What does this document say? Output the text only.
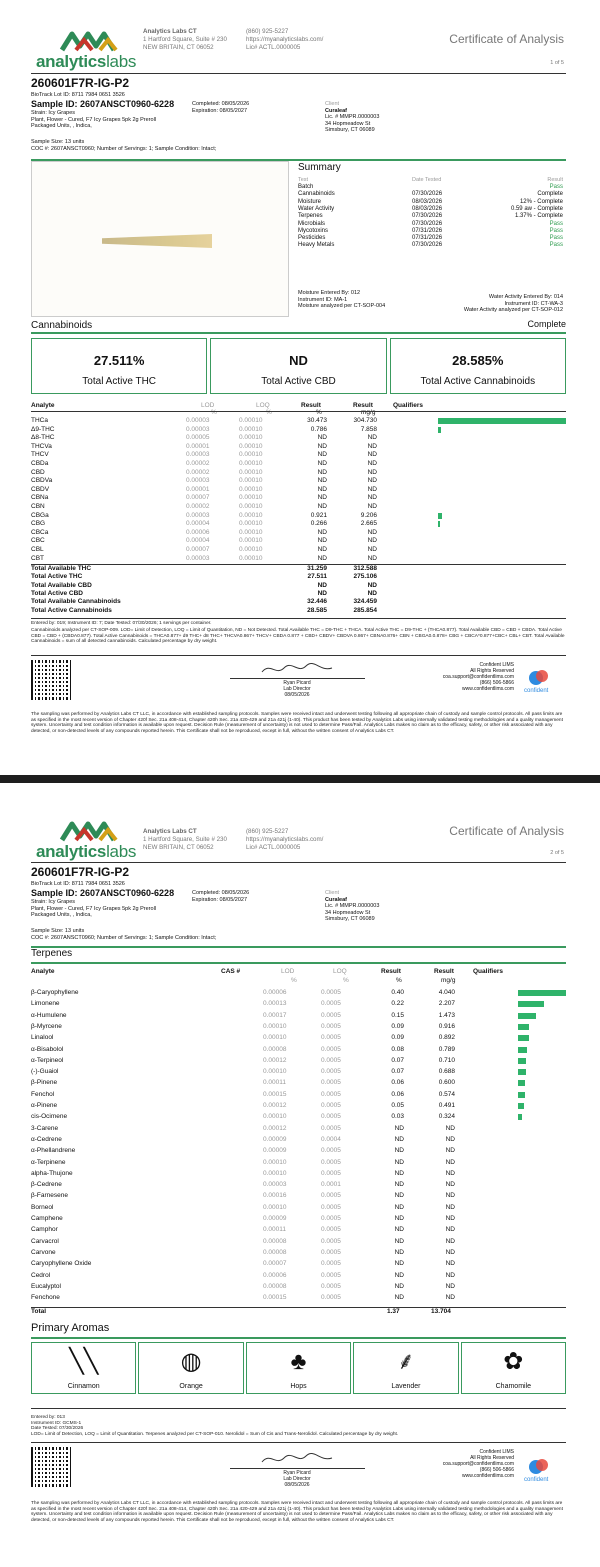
analyticslabs
Analytics Labs CT
1 Hartford Square, Suite # 230
NEW BRITAIN, CT 06052
(860) 925-5227
https://myanalyticslabs.com/
Lic# ACTL.0000005
Certificate of Analysis
1 of 5
260601F7R-IG-P2
BioTrack Lot ID: 8711 7984 0651 3526
Sample ID: 2607ANSCT0960-6228	Completed: 08/05/2026
Expiration: 08/05/2027
Strain: Icy Grapes
Plant, Flower - Cured, F7 Icy Grapes 5pk 2g Preroll
Packaged Units, , Indica,
Sample Size: 13 units
COC #: 2607ANSCT0960; Number of Servings: 1; Sample Condition: Intact;
Client
Curaleaf
Lic. # MMPR.0000003
34 Hopmeadow St
Simsbury, CT 06089
Summary
Test	Date Tested	Result
Batch	Pass
Cannabinoids	07/30/2026	Complete
Moisture	08/03/2026	12% - Complete
Water Activity	08/03/2026	0.59 aw - Complete
Terpenes	07/30/2026	1.37% - Complete
Microbials	07/30/2026	Pass
Mycotoxins	07/31/2026	Pass
Pesticides	07/31/2026	Pass
Heavy Metals	07/30/2026	Pass
Moisture Entered By: 012
Instrument ID: MA-1
Moisture analyzed per CT-SOP-004
Water Activity Entered By: 014
Instrument ID: CT-WA-3
Water Activity analyzed per CT-SOP-012
Cannabinoids	Complete
27.511%
Total Active THC
ND
Total Active CBD
28.585%
Total Active Cannabinoids
Analyte	LOD	LOQ	Result	Result	Qualifiers
%	%	%	mg/g
THCa	0.00003	0.00010	30.473	304.730
Δ9-THC	0.00003	0.00010	0.786	7.858
Δ8-THC	0.00005	0.00010	ND	ND
THCVa	0.00001	0.00010	ND	ND
THCV	0.00003	0.00010	ND	ND
CBDa	0.00002	0.00010	ND	ND
CBD	0.00002	0.00010	ND	ND
CBDVa	0.00003	0.00010	ND	ND
CBDV	0.00001	0.00010	ND	ND
CBNa	0.00007	0.00010	ND	ND
CBN	0.00002	0.00010	ND	ND
CBGa	0.00003	0.00010	0.921	9.206
CBG	0.00004	0.00010	0.266	2.665
CBCa	0.00006	0.00010	ND	ND
CBC	0.00004	0.00010	ND	ND
CBL	0.00007	0.00010	ND	ND
CBT	0.00003	0.00010	ND	ND
Total Available THC	31.259	312.588
Total Active THC	27.511	275.106
Total Available CBD	ND	ND
Total Active CBD	ND	ND
Total Available Cannabinoids	32.446	324.459
Total Active Cannabinoids	28.585	285.854
Entered by: 019; Instrument ID: 7; Date Tested: 07/30/2026; 1 servings per container.
Cannabinoids analyzed per CT-SOP-009. LOD= Limit of Detection, LOQ = Limit of Quantitation, ND = Not Detected. Total Available THC = D9-THC + THCA. Total Active THC = D9-THC + (THCA0.877). Total Available CBD = CBD + CBDA. Total Active CBD = CBD + (CBDA0.877). Total Active Cannabinoids = THCA0.877+ d9 THC+ d8 THC+ THCVA0.867+ THCV+ CBDA 0.877 + CBD+ CBDV+ CBDVA 0.867+ CBNA0.876+ CBN + CBGA0.0.878+ CBG + CBCA*0.877+CBC+ CBL+ CBT. Total Available Cannabinoids = sum of all detected cannabinoids. Calculated percentage by dry weight.
Ryan Picard
Lab Director
08/05/2026
Confident LIMS
All Rights Reserved
coa.support@confidentlims.com
(866) 506-5866
www.confidentlims.com confident
The sampling was performed by Analytics Labs CT LLC, in accordance with established sampling protocols. Samples were received intact and underwent testing following all appropriate chain of custody and sample control protocols. All pass limits are as specified in the most recent version of Chapter 420f Sec. 21a 408-414, Chapter 420h Sec. 21a 420-429 and 21a 421j (1-40). This product has been tested by Analytics Labs using internally validated testing methodologies and a quality management system. Uncertainty and test condition information is available upon request. Decision Rule (measurement of uncertainty) is not used to determine Pass/Fail. Analytics Labs makes no claim as to the efficacy, safety, or other risk associated with any detected, or non-detected levels of any compounds reported herein. This Certificate shall not be reproduced, except in full, without the written consent of Analytics Labs CT.
analyticslabs
Analytics Labs CT
1 Hartford Square, Suite # 230
NEW BRITAIN, CT 06052
(860) 925-5227
https://myanalyticslabs.com/
Lic# ACTL.0000005
Certificate of Analysis
2 of 5
260601F7R-IG-P2
BioTrack Lot ID: 8711 7984 0651 3526
Sample ID: 2607ANSCT0960-6228	Completed: 08/05/2026
Expiration: 08/05/2027
Strain: Icy Grapes
Plant, Flower - Cured, F7 Icy Grapes 5pk 2g Preroll
Packaged Units, , Indica,
Sample Size: 13 units
COC #: 2607ANSCT0960; Number of Servings: 1; Sample Condition: Intact;
Client
Curaleaf
Lic. # MMPR.0000003
34 Hopmeadow St
Simsbury, CT 06089
Terpenes
Analyte	CAS #	LOD	LOQ	Result	Result	Qualifiers
%	%	%	mg/g
β-Caryophyllene	0.00006	0.0005	0.40	4.040
Limonene	0.00013	0.0005	0.22	2.207
α-Humulene	0.00017	0.0005	0.15	1.473
β-Myrcene	0.00010	0.0005	0.09	0.916
Linalool	0.00010	0.0005	0.09	0.892
α-Bisabolol	0.00008	0.0005	0.08	0.789
α-Terpineol	0.00012	0.0005	0.07	0.710
(-)-Guaiol	0.00010	0.0005	0.07	0.688
β-Pinene	0.00011	0.0005	0.06	0.600
Fenchol	0.00015	0.0005	0.06	0.574
α-Pinene	0.00012	0.0005	0.05	0.491
cis-Ocimene	0.00010	0.0005	0.03	0.324
3-Carene	0.00012	0.0005	ND	ND
α-Cedrene	0.00009	0.0004	ND	ND
α-Phellandrene	0.00009	0.0005	ND	ND
α-Terpinene	0.00010	0.0005	ND	ND
alpha-Thujone	0.00010	0.0005	ND	ND
β-Cedrene	0.00003	0.0001	ND	ND
β-Farnesene	0.00016	0.0005	ND	ND
Borneol	0.00010	0.0005	ND	ND
Camphene	0.00009	0.0005	ND	ND
Camphor	0.00011	0.0005	ND	ND
Carvacrol	0.00008	0.0005	ND	ND
Carvone	0.00008	0.0005	ND	ND
Caryophyllene Oxide	0.00007	0.0005	ND	ND
Cedrol	0.00006	0.0005	ND	ND
Eucalyptol	0.00008	0.0005	ND	ND
Fenchone	0.00015	0.0005	ND	ND
Total	1.37	13.704
Primary Aromas
╲╲
Cinnamon
◍
Orange
♣
Hops
⸙
Lavender
✿
Chamomile
Entered by: 013
Instrument ID: GCMS-1
Date Tested: 07/30/2026
LOD= Limit of Detection, LOQ = Limit of Quantitation. Terpenes analyzed per CT-SOP-010. Nerolidol = Sum of Cis and Trans-Nerolidol. Calculated percentage by dry weight.
Ryan Picard
Lab Director
08/05/2026
Confident LIMS
All Rights Reserved
coa.support@confidentlims.com
(866) 506-5866
www.confidentlims.com
confident
The sampling was performed by Analytics Labs CT LLC, in accordance with established sampling protocols. Samples were received intact and underwent testing following all appropriate chain of custody and sample control protocols. All pass limits are as specified in the most recent version of Chapter 420f Sec. 21a 408-414, Chapter 420h Sec. 21a 420-429 and 21a 421j (1-40). This product has been tested by Analytics Labs using internally validated testing methodologies and a quality management system. Uncertainty and test condition information is available upon request. Decision Rule (measurement of uncertainty) is not used to determine Pass/Fail. Analytics Labs makes no claim as to the efficacy, safety, or other risk associated with any detected, or non-detected levels of any compounds reported herein. This Certificate shall not be reproduced, except in full, without the written consent of Analytics Labs CT.
